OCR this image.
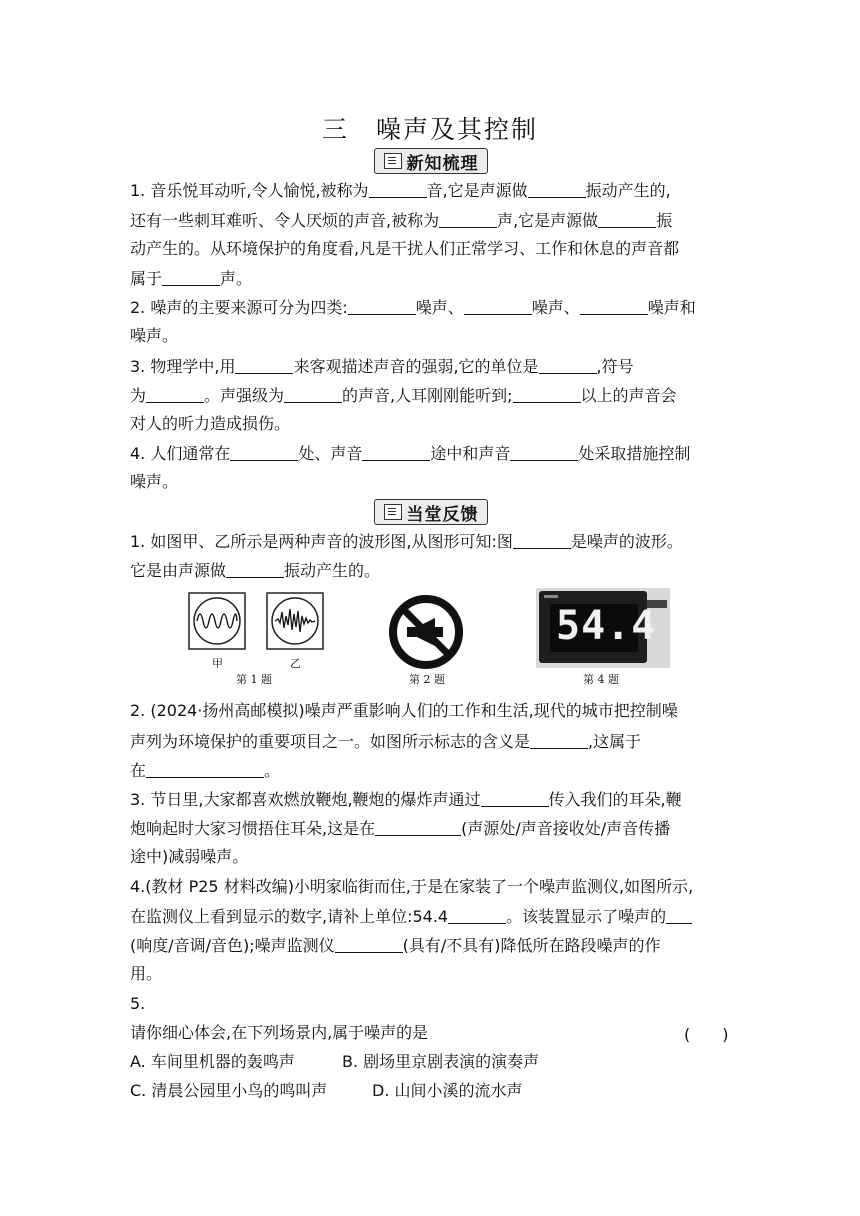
三　噪声及其控制
新知梳理
1. 音乐悦耳动听,令人愉悦,被称为	音,它是声源做	振动产生的,
还有一些刺耳难听、令人厌烦的声音,被称为	声,它是声源做	振
动产生的。从环境保护的角度看,凡是干扰人们正常学习、工作和休息的声音都
属于	声。
2. 噪声的主要来源可分为四类:	噪声、	噪声、	噪声和
噪声。
3. 物理学中,用	来客观描述声音的强弱,它的单位是	,符号
为	。声强级为	的声音,人耳刚刚能听到;	以上的声音会
对人的听力造成损伤。
4. 人们通常在	处、声音	途中和声音	处采取措施控制
噪声。
当堂反馈
1. 如图甲、乙所示是两种声音的波形图,从图形可知:图	是噪声的波形。
它是由声源做	振动产生的。
甲	乙
第 1 题	第 2 题
54.4
第 4 题
2. (2024·扬州高邮模拟)噪声严重影响人们的工作和生活,现代的城市把控制噪
声列为环境保护的重要项目之一。如图所示标志的含义是	,这属于
在	。
3. 节日里,大家都喜欢燃放鞭炮,鞭炮的爆炸声通过	传入我们的耳朵,鞭
炮响起时大家习惯捂住耳朵,这是在	(声源处/声音接收处/声音传播
途中)减弱噪声。
4.(教材 P25 材料改编)小明家临街而住,于是在家装了一个噪声监测仪,如图所示,
在监测仪上看到显示的数字,请补上单位:54.4	。该装置显示了噪声的
(响度/音调/音色);噪声监测仪	(具有/不具有)降低所在路段噪声的作
用。
5.
请你细心体会,在下列场景内,属于噪声的是	(　　)
A. 车间里机器的轰鸣声	B. 剧场里京剧表演的演奏声
C. 清晨公园里小鸟的鸣叫声	D. 山间小溪的流水声
